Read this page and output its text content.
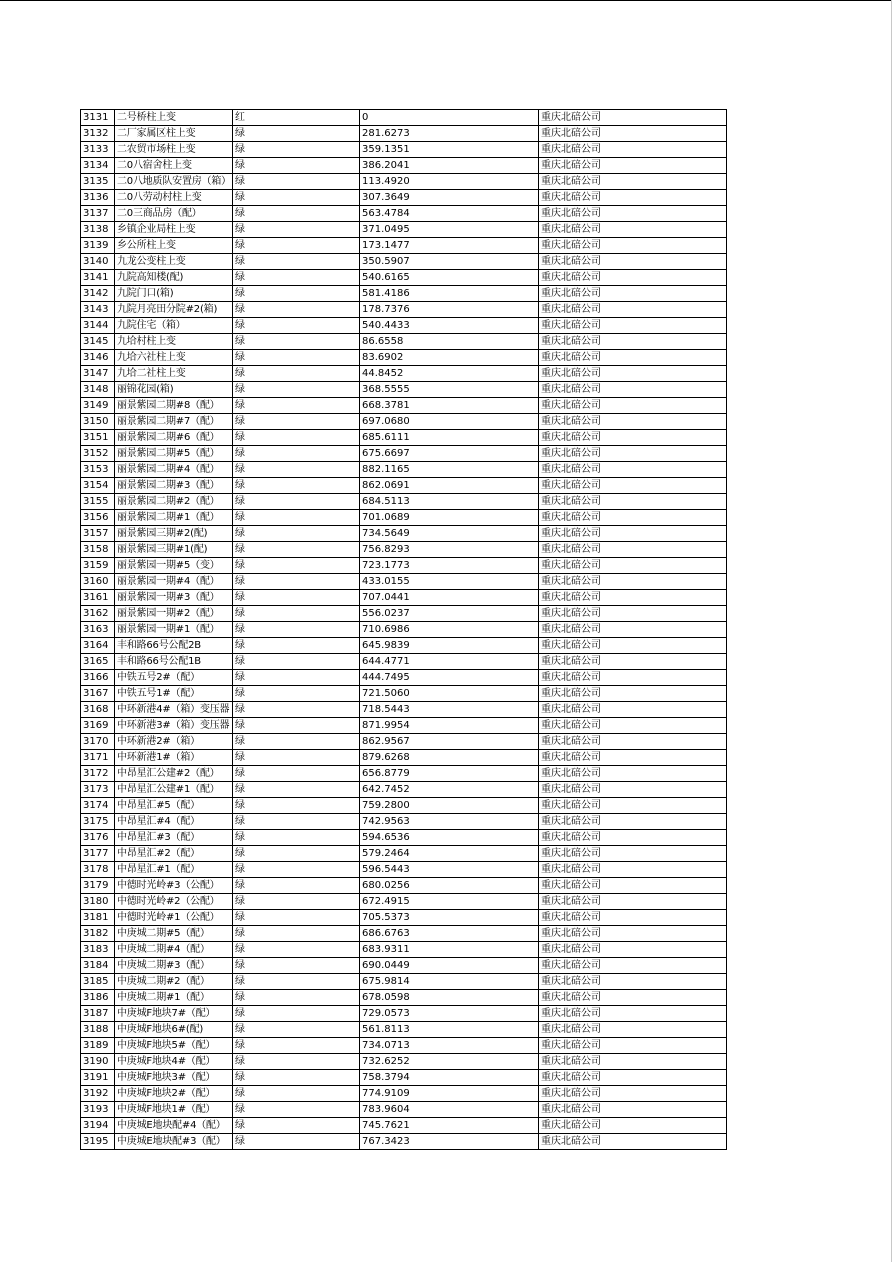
3131	二号桥柱上变	红	0	重庆北碚公司
3132	二厂家属区柱上变	绿	281.6273	重庆北碚公司
3133	二农贸市场柱上变	绿	359.1351	重庆北碚公司
3134	二0八宿舍柱上变	绿	386.2041	重庆北碚公司
3135	二0八地质队安置房（箱）	绿	113.4920	重庆北碚公司
3136	二0八劳动村柱上变	绿	307.3649	重庆北碚公司
3137	二0三商品房（配）	绿	563.4784	重庆北碚公司
3138	乡镇企业局柱上变	绿	371.0495	重庆北碚公司
3139	乡公所柱上变	绿	173.1477	重庆北碚公司
3140	九龙公变柱上变	绿	350.5907	重庆北碚公司
3141	九院高知楼(配)	绿	540.6165	重庆北碚公司
3142	九院门口(箱)	绿	581.4186	重庆北碚公司
3143	九院月亮田分院#2(箱)	绿	178.7376	重庆北碚公司
3144	九院住宅（箱）	绿	540.4433	重庆北碚公司
3145	九垥村柱上变	绿	86.6558	重庆北碚公司
3146	九垥六社柱上变	绿	83.6902	重庆北碚公司
3147	九垥二社柱上变	绿	44.8452	重庆北碚公司
3148	丽锦花园(箱)	绿	368.5555	重庆北碚公司
3149	丽景紫园二期#8（配）	绿	668.3781	重庆北碚公司
3150	丽景紫园二期#7（配）	绿	697.0680	重庆北碚公司
3151	丽景紫园二期#6（配）	绿	685.6111	重庆北碚公司
3152	丽景紫园二期#5（配）	绿	675.6697	重庆北碚公司
3153	丽景紫园二期#4（配）	绿	882.1165	重庆北碚公司
3154	丽景紫园二期#3（配）	绿	862.0691	重庆北碚公司
3155	丽景紫园二期#2（配）	绿	684.5113	重庆北碚公司
3156	丽景紫园二期#1（配）	绿	701.0689	重庆北碚公司
3157	丽景紫园三期#2(配)	绿	734.5649	重庆北碚公司
3158	丽景紫园三期#1(配)	绿	756.8293	重庆北碚公司
3159	丽景紫园一期#5（变）	绿	723.1773	重庆北碚公司
3160	丽景紫园一期#4（配）	绿	433.0155	重庆北碚公司
3161	丽景紫园一期#3（配）	绿	707.0441	重庆北碚公司
3162	丽景紫园一期#2（配）	绿	556.0237	重庆北碚公司
3163	丽景紫园一期#1（配）	绿	710.6986	重庆北碚公司
3164	丰和路66号公配2B	绿	645.9839	重庆北碚公司
3165	丰和路66号公配1B	绿	644.4771	重庆北碚公司
3166	中铁五号2#（配）	绿	444.7495	重庆北碚公司
3167	中铁五号1#（配）	绿	721.5060	重庆北碚公司
3168	中环新港4#（箱）变压器	绿	718.5443	重庆北碚公司
3169	中环新港3#（箱）变压器	绿	871.9954	重庆北碚公司
3170	中环新港2#（箱）	绿	862.9567	重庆北碚公司
3171	中环新港1#（箱）	绿	879.6268	重庆北碚公司
3172	中昂星汇公建#2（配）	绿	656.8779	重庆北碚公司
3173	中昂星汇公建#1（配）	绿	642.7452	重庆北碚公司
3174	中昂星汇#5（配）	绿	759.2800	重庆北碚公司
3175	中昂星汇#4（配）	绿	742.9563	重庆北碚公司
3176	中昂星汇#3（配）	绿	594.6536	重庆北碚公司
3177	中昂星汇#2（配）	绿	579.2464	重庆北碚公司
3178	中昂星汇#1（配）	绿	596.5443	重庆北碚公司
3179	中德时光岭#3（公配）	绿	680.0256	重庆北碚公司
3180	中德时光岭#2（公配）	绿	672.4915	重庆北碚公司
3181	中德时光岭#1（公配）	绿	705.5373	重庆北碚公司
3182	中庚城二期#5（配）	绿	686.6763	重庆北碚公司
3183	中庚城二期#4（配）	绿	683.9311	重庆北碚公司
3184	中庚城二期#3（配）	绿	690.0449	重庆北碚公司
3185	中庚城二期#2（配）	绿	675.9814	重庆北碚公司
3186	中庚城二期#1（配）	绿	678.0598	重庆北碚公司
3187	中庚城F地块7#（配）	绿	729.0573	重庆北碚公司
3188	中庚城F地块6#(配)	绿	561.8113	重庆北碚公司
3189	中庚城F地块5#（配）	绿	734.0713	重庆北碚公司
3190	中庚城F地块4#（配）	绿	732.6252	重庆北碚公司
3191	中庚城F地块3#（配）	绿	758.3794	重庆北碚公司
3192	中庚城F地块2#（配）	绿	774.9109	重庆北碚公司
3193	中庚城F地块1#（配）	绿	783.9604	重庆北碚公司
3194	中庚城E地块配#4（配）	绿	745.7621	重庆北碚公司
3195	中庚城E地块配#3（配）	绿	767.3423	重庆北碚公司
